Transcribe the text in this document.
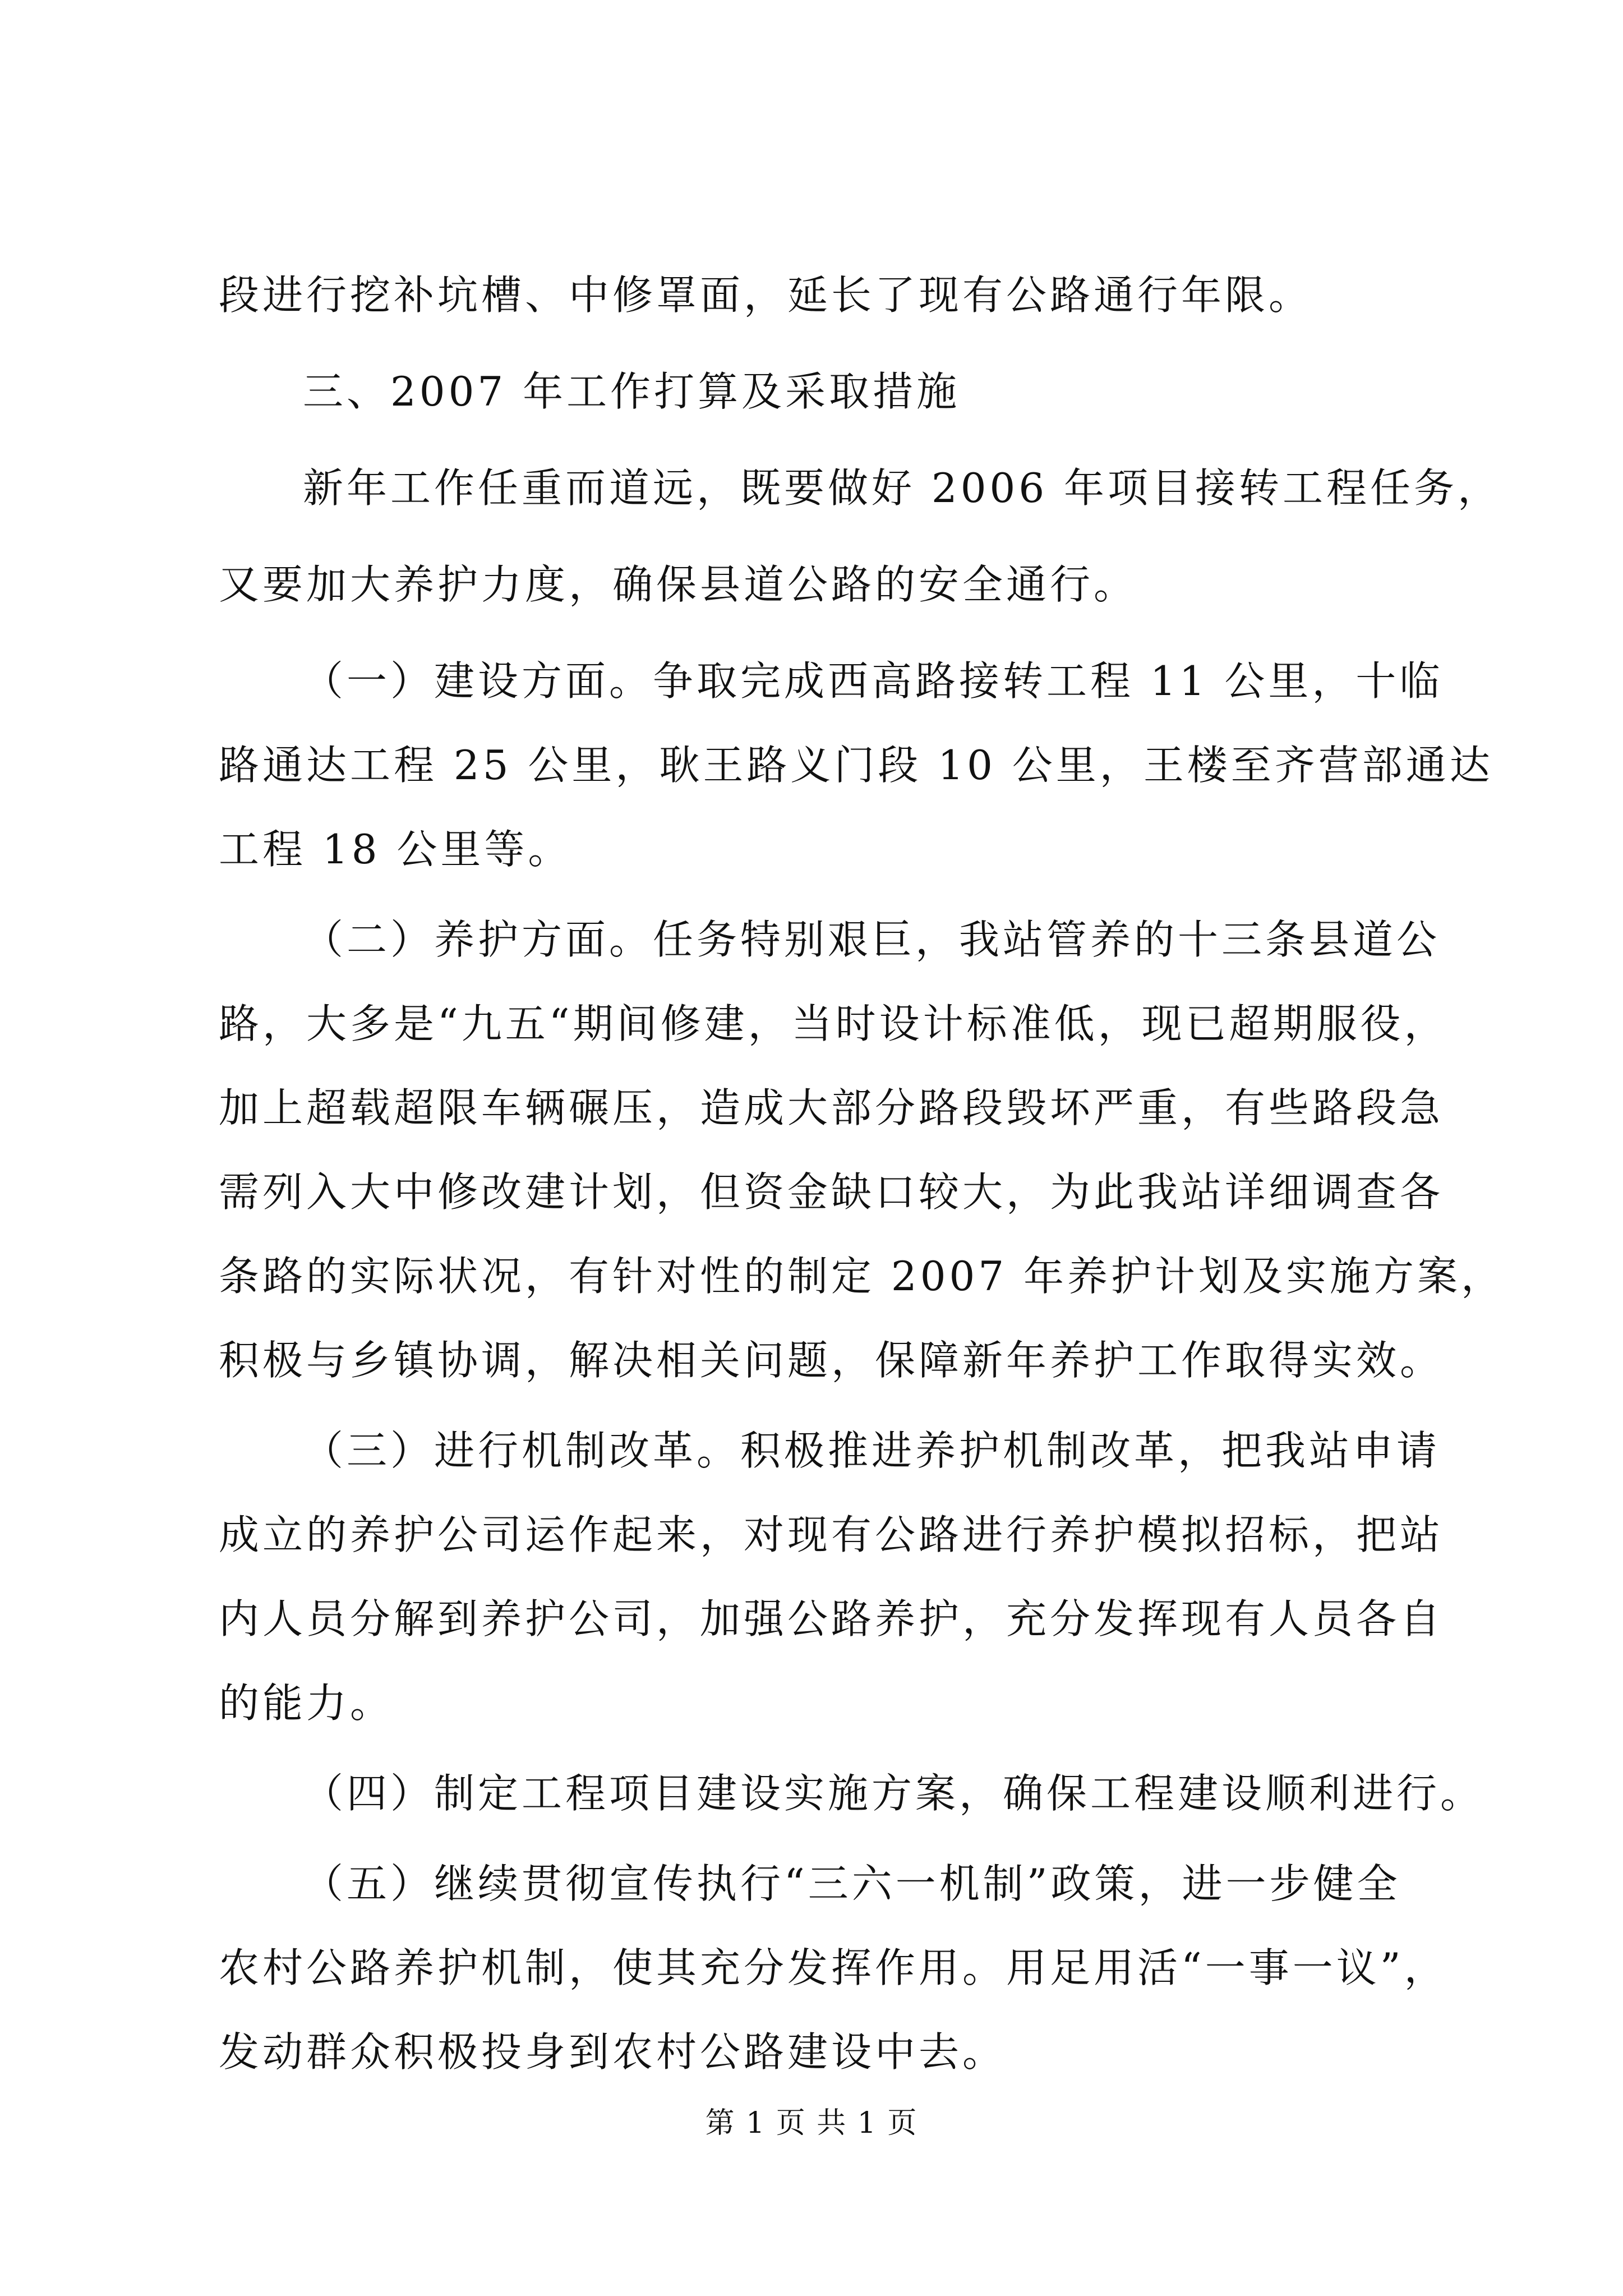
段进行挖补坑槽、中修罩面，延长了现有公路通行年限。
三、2007 年工作打算及采取措施
新年工作任重而道远，既要做好 2006 年项目接转工程任务，
又要加大养护力度，确保县道公路的安全通行。
（一）建设方面。争取完成西高路接转工程 11 公里，十临
路通达工程 25 公里，耿王路义门段 10 公里，王楼至齐营部通达
工程 18 公里等。
（二）养护方面。任务特别艰巨，我站管养的十三条县道公
路，大多是“九五“期间修建，当时设计标准低，现已超期服役，
加上超载超限车辆碾压，造成大部分路段毁坏严重，有些路段急
需列入大中修改建计划，但资金缺口较大，为此我站详细调查各
条路的实际状况，有针对性的制定 2007 年养护计划及实施方案，
积极与乡镇协调，解决相关问题，保障新年养护工作取得实效。
（三）进行机制改革。积极推进养护机制改革，把我站申请
成立的养护公司运作起来，对现有公路进行养护模拟招标，把站
内人员分解到养护公司，加强公路养护，充分发挥现有人员各自
的能力。
（四）制定工程项目建设实施方案，确保工程建设顺利进行。
（五）继续贯彻宣传执行“三六一机制”政策，进一步健全
农村公路养护机制，使其充分发挥作用。用足用活“一事一议”，
发动群众积极投身到农村公路建设中去。
第 1 页 共 1 页
